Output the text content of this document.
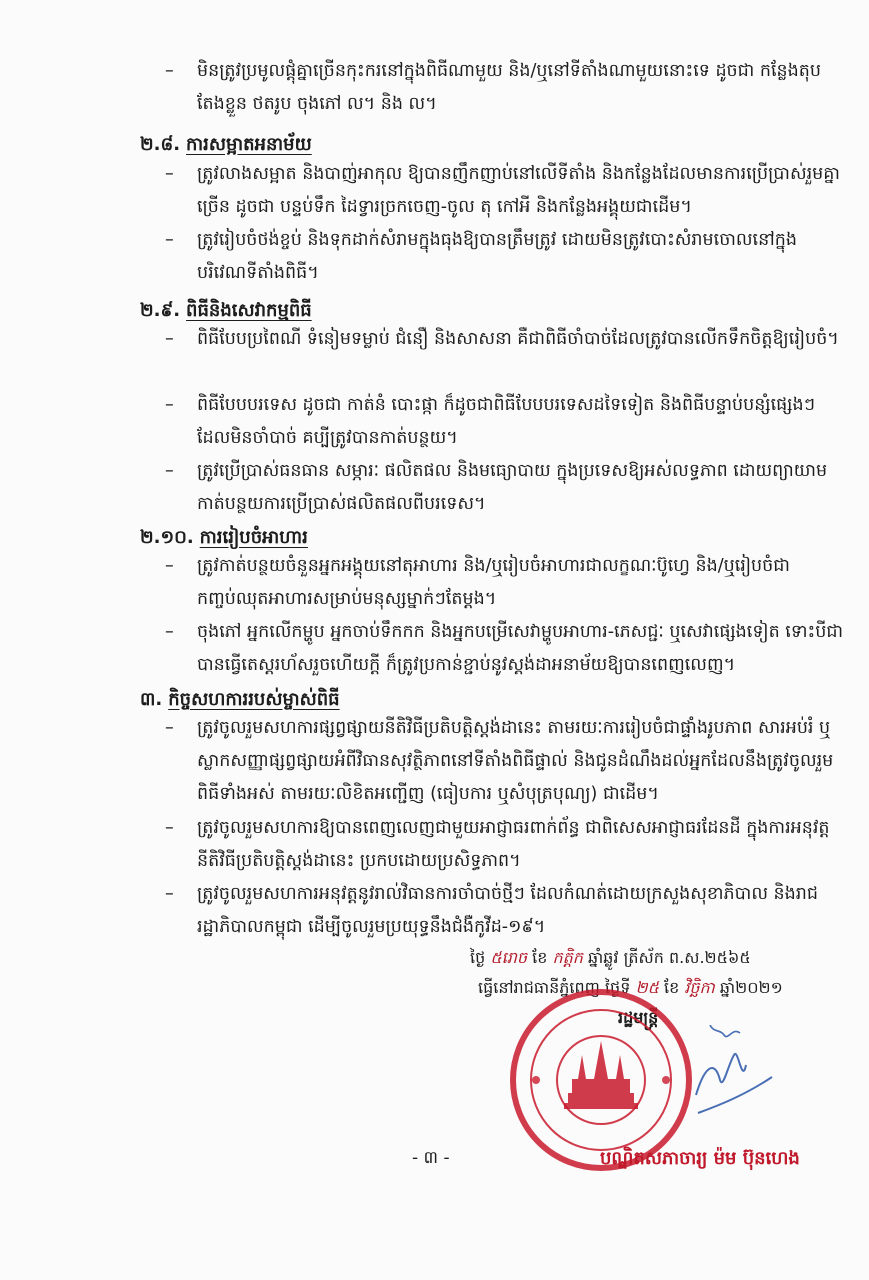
–	មិនត្រូវប្រមូលផ្តុំគ្នាច្រើនកុះករនៅក្នុងពិធីណាមួយ និង/ឬនៅទីតាំងណាមួយនោះទេ ដូចជា កន្លែងតុបតែងខ្លួន ថតរូប ចុងភៅ ល។ និង ល។
២.៨. ការសម្អាតអនាម័យ
–	ត្រូវលាងសម្អាត និងបាញ់អាកុល ឱ្យបានញឹកញាប់នៅលើទីតាំង និងកន្លែងដែលមានការប្រើប្រាស់រួមគ្នាច្រើន ដូចជា បន្ទប់ទឹក ដៃទ្វារច្រកចេញ-ចូល តុ កៅអី និងកន្លែងអង្គុយជាដើម។
–	ត្រូវរៀបចំថង់ខ្ចប់ និងទុកដាក់សំរាមក្នុងធុងឱ្យបានត្រឹមត្រូវ ដោយមិនត្រូវបោះសំរាមចោលនៅក្នុងបរិវេណទីតាំងពិធី។
២.៩. ពិធីនិងសេវាកម្មពិធី
–	ពិធីបែបប្រពៃណី ទំនៀមទម្លាប់ ជំនឿ និងសាសនា គឺជាពិធីចាំបាច់ដែលត្រូវបានលើកទឹកចិត្តឱ្យរៀបចំ។
–	ពិធីបែបបរទេស ដូចជា កាត់នំ បោះផ្កា ក៏ដូចជាពិធីបែបបរទេសដទៃទៀត និងពិធីបន្ទាប់បន្សំផ្សេងៗ ដែលមិនចាំបាច់ គប្បីត្រូវបានកាត់បន្ថយ។
–	ត្រូវប្រើប្រាស់ធនធាន សម្ភារៈ ផលិតផល និងមធ្យោបាយ ក្នុងប្រទេសឱ្យអស់លទ្ធភាព ដោយព្យាយាមកាត់បន្ថយការប្រើប្រាស់ផលិតផលពីបរទេស។
២.១០. ការរៀបចំអាហារ
–	ត្រូវកាត់បន្ថយចំនួនអ្នកអង្គុយនៅតុអាហារ និង/ឬរៀបចំអាហារជាលក្ខណៈប៊ូហ្វេ និង/ឬរៀបចំជាកញ្ចប់ឈុតអាហារសម្រាប់មនុស្សម្នាក់ៗតែម្តង។
–	ចុងភៅ អ្នកលើកម្ហូប អ្នកចាប់ទឹកកក និងអ្នកបម្រើសេវាម្ហូបអាហារ-ភេសជ្ជៈ ឬសេវាផ្សេងទៀត ទោះបីជាបានធ្វើតេស្តរហ័សរួចហើយក្តី ក៏ត្រូវប្រកាន់ខ្ជាប់នូវស្តង់ដាអនាម័យឱ្យបានពេញលេញ។
៣. កិច្ចសហការរបស់ម្ចាស់ពិធី
–	ត្រូវចូលរួមសហការផ្សព្វផ្សាយនីតិវិធីប្រតិបត្តិស្តង់ដានេះ តាមរយៈការរៀបចំជាផ្ទាំងរូបភាព សារអប់រំ ឬស្លាកសញ្ញាផ្សព្វផ្សាយអំពីវិធានសុវត្ថិភាពនៅទីតាំងពិធីផ្ទាល់ និងជូនដំណឹងដល់អ្នកដែលនឹងត្រូវចូលរួមពិធីទាំងអស់ តាមរយៈលិខិតអញ្ជើញ (ធៀបការ ឬសំបុត្របុណ្យ) ជាដើម។
–	ត្រូវចូលរួមសហការឱ្យបានពេញលេញជាមួយអាជ្ញាធរពាក់ព័ន្ធ ជាពិសេសអាជ្ញាធរដែនដី ក្នុងការអនុវត្តនីតិវិធីប្រតិបត្តិស្តង់ដានេះ ប្រកបដោយប្រសិទ្ធភាព។
–	ត្រូវចូលរួមសហការអនុវត្តនូវរាល់វិធានការចាំបាច់ថ្មីៗ ដែលកំណត់ដោយក្រសួងសុខាភិបាល និងរាជរដ្ឋាភិបាលកម្ពុជា ដើម្បីចូលរួមប្រយុទ្ធនឹងជំងឺកូវីដ-១៩។
ថ្ងៃ ៥រោច ខែ កត្តិក ឆ្នាំឆ្លូវ ត្រីស័ក ព.ស.២៥៦៥
ធ្វើនៅរាជធានីភ្នំពេញ ថ្ងៃទី ២៥ ខែ វិច្ឆិកា ឆ្នាំ២០២១
រដ្ឋមន្ត្រី
- ៣ -	បណ្ឌិតសភាចារ្យ ម៉ម ប៊ុនហេង
